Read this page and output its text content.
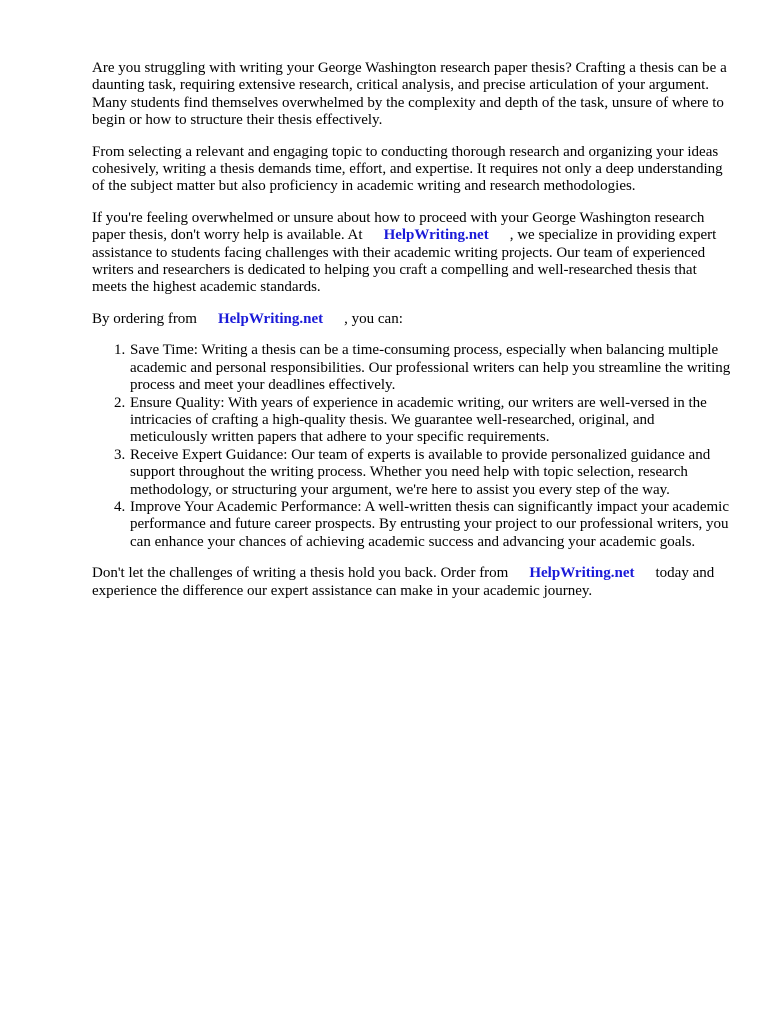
Are you struggling with writing your George Washington research paper thesis? Crafting a thesis can be a daunting task, requiring extensive research, critical analysis, and precise articulation of your argument. Many students find themselves overwhelmed by the complexity and depth of the task, unsure of where to begin or how to structure their thesis effectively.

From selecting a relevant and engaging topic to conducting thorough research and organizing your ideas cohesively, writing a thesis demands time, effort, and expertise. It requires not only a deep understanding of the subject matter but also proficiency in academic writing and research methodologies.

If you're feeling overwhelmed or unsure about how to proceed with your George Washington research paper thesis, don't worry help is available. At HelpWriting.net , we specialize in providing expert assistance to students facing challenges with their academic writing projects. Our team of experienced writers and researchers is dedicated to helping you craft a compelling and well-researched thesis that meets the highest academic standards.

By ordering from HelpWriting.net , you can:

1. Save Time: Writing a thesis can be a time-consuming process, especially when balancing multiple academic and personal responsibilities. Our professional writers can help you streamline the writing process and meet your deadlines effectively.
2. Ensure Quality: With years of experience in academic writing, our writers are well-versed in the intricacies of crafting a high-quality thesis. We guarantee well-researched, original, and meticulously written papers that adhere to your specific requirements.
3. Receive Expert Guidance: Our team of experts is available to provide personalized guidance and support throughout the writing process. Whether you need help with topic selection, research methodology, or structuring your argument, we're here to assist you every step of the way.
4. Improve Your Academic Performance: A well-written thesis can significantly impact your academic performance and future career prospects. By entrusting your project to our professional writers, you can enhance your chances of achieving academic success and advancing your academic goals.

Don't let the challenges of writing a thesis hold you back. Order from HelpWriting.net today and experience the difference our expert assistance can make in your academic journey.
